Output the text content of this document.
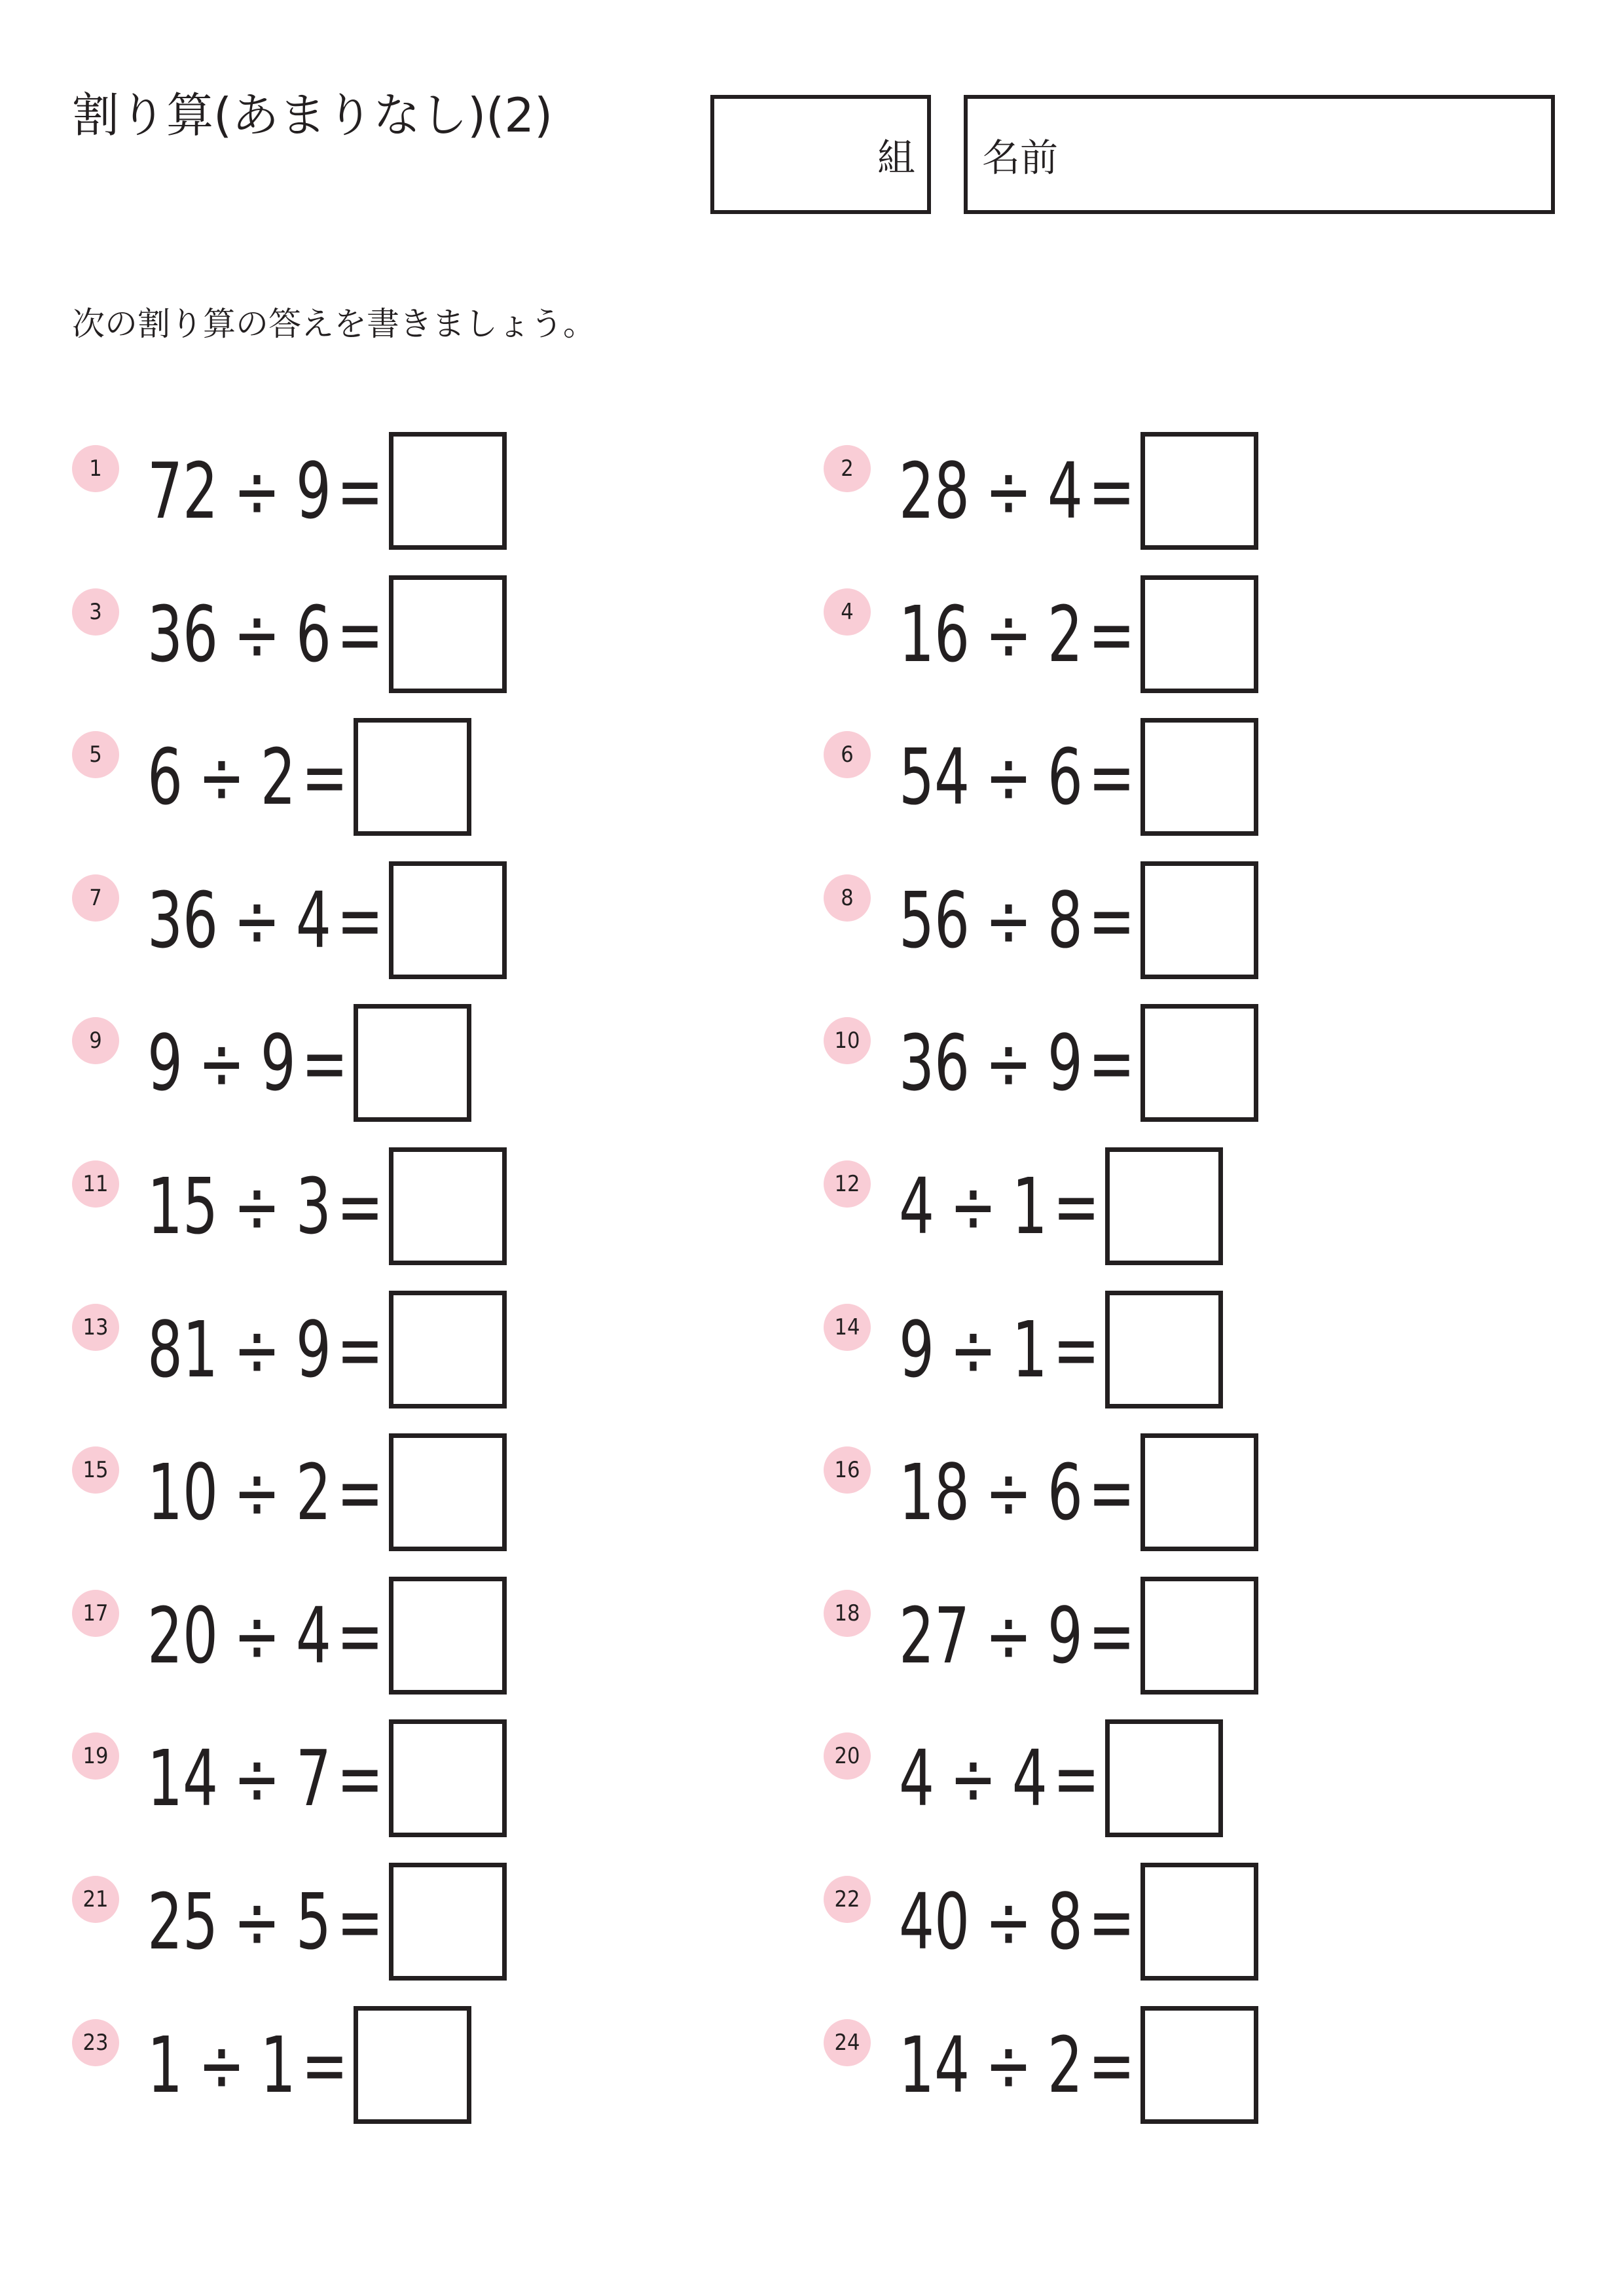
割り算(あまりなし)(2)
組 名前
次の割り算の答えを書きましょう。
1 72 ÷ 9 =	2 28 ÷ 4 =
3 36 ÷ 6 =	4 16 ÷ 2 =
5 6 ÷ 2 =	6 54 ÷ 6 =
7 36 ÷ 4 =	8 56 ÷ 8 =
9 9 ÷ 9 =	10 36 ÷ 9 =
11 15 ÷ 3 =	12 4 ÷ 1 =
13 81 ÷ 9 =	14 9 ÷ 1 =
15 10 ÷ 2 =	16 18 ÷ 6 =
17 20 ÷ 4 =	18 27 ÷ 9 =
19 14 ÷ 7 =	20 4 ÷ 4 =
21 25 ÷ 5 =	22 40 ÷ 8 =
23 1 ÷ 1 =	24 14 ÷ 2 =
